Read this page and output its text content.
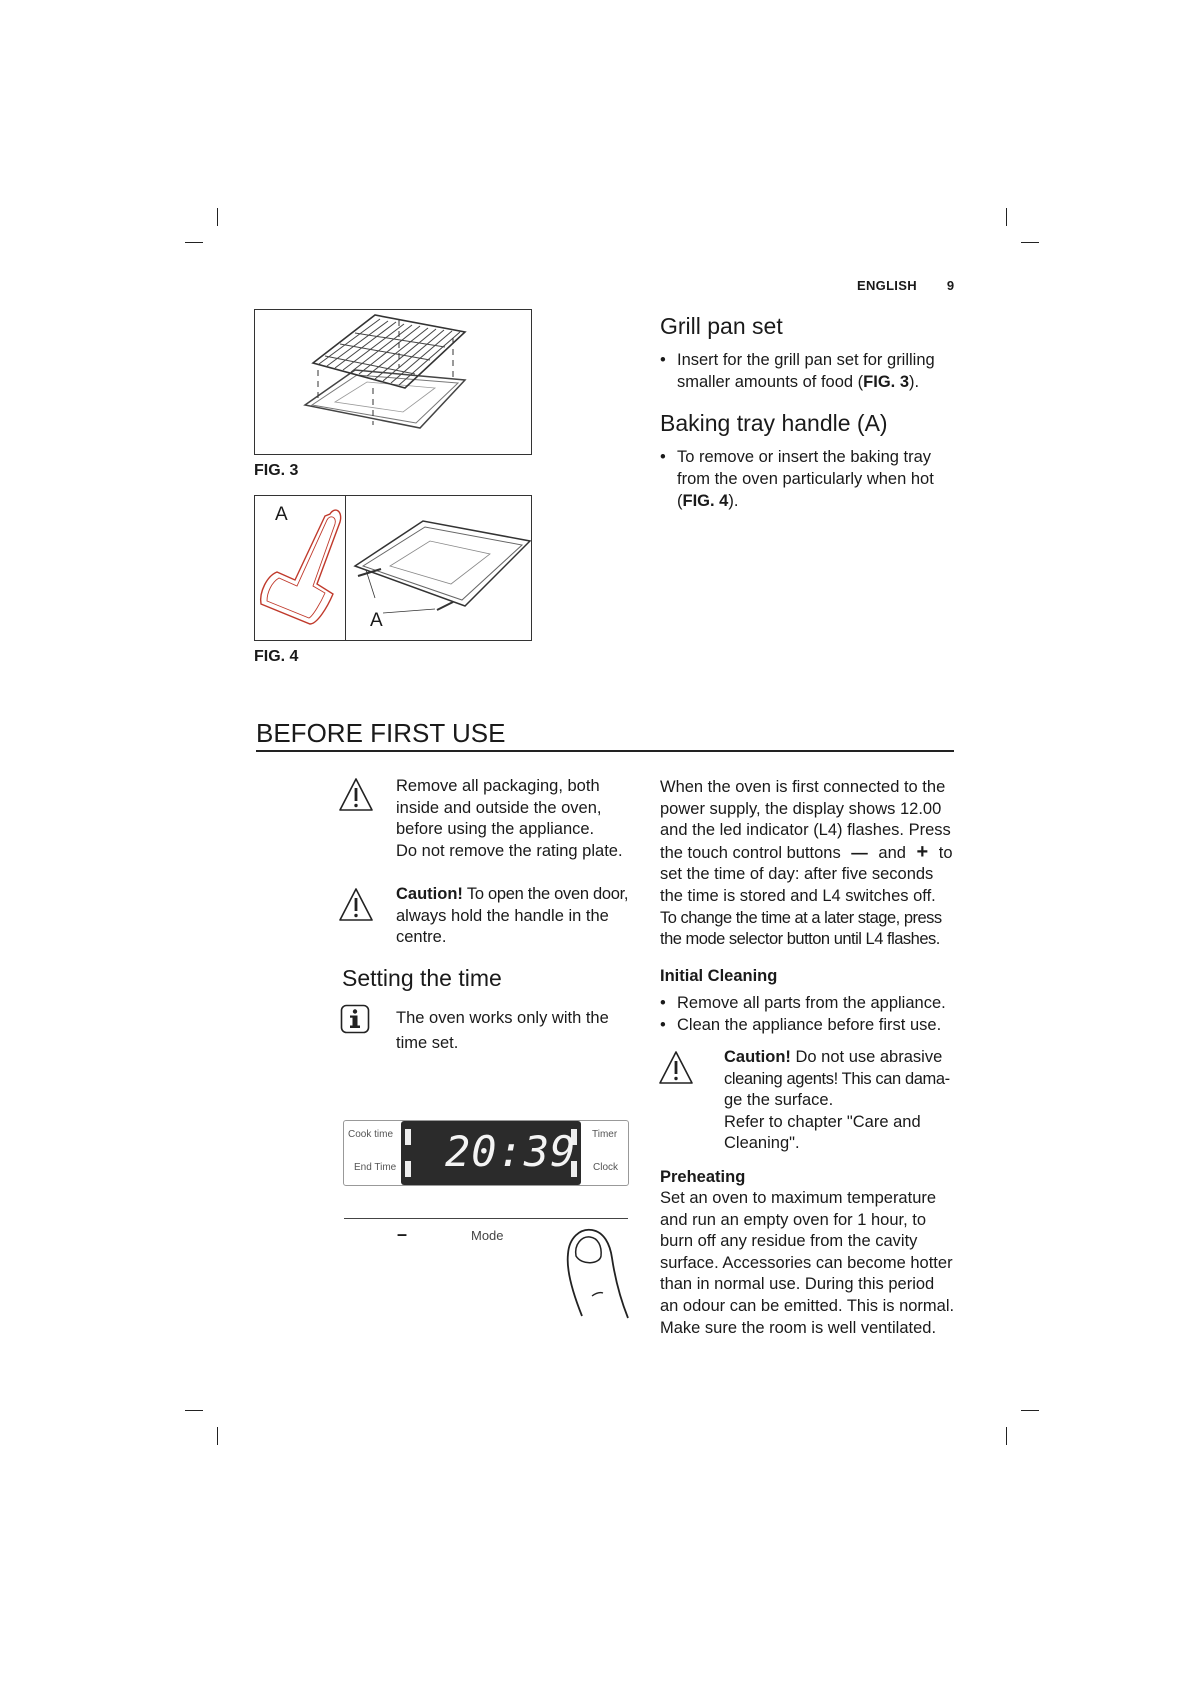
ENGLISH 9
FIG. 3
A
A
FIG. 4
Grill pan set
• Insert for the grill pan set for grilling smaller amounts of food (FIG. 3).
Baking tray handle (A)
• To remove or insert the baking tray from the oven particularly when hot (FIG. 4).
BEFORE FIRST USE
Remove all packaging, both
inside and outside the oven,
before using the appliance.
Do not remove the rating plate.
Caution! To open the oven door,
always hold the handle in the
centre.
Setting the time
The oven works only with the
time set.
Cook time
End Time
Timer
Clock
20:39
–	Mode
When the oven is first connected to the
power supply, the display shows 12.00
and the led indicator (L4) flashes. Press
the touch control buttons — and + to
set the time of day: after five seconds
the time is stored and L4 switches off.
To change the time at a later stage, press
the mode selector button until L4 flashes.
Initial Cleaning
• Remove all parts from the appliance.
• Clean the appliance before first use.
Caution! Do not use abrasive
cleaning agents! This can dama-
ge the surface.
Refer to chapter "Care and
Cleaning".
Preheating
Set an oven to maximum temperature
and run an empty oven for 1 hour, to
burn off any residue from the cavity
surface. Accessories can become hotter
than in normal use. During this period
an odour can be emitted. This is normal.
Make sure the room is well ventilated.
